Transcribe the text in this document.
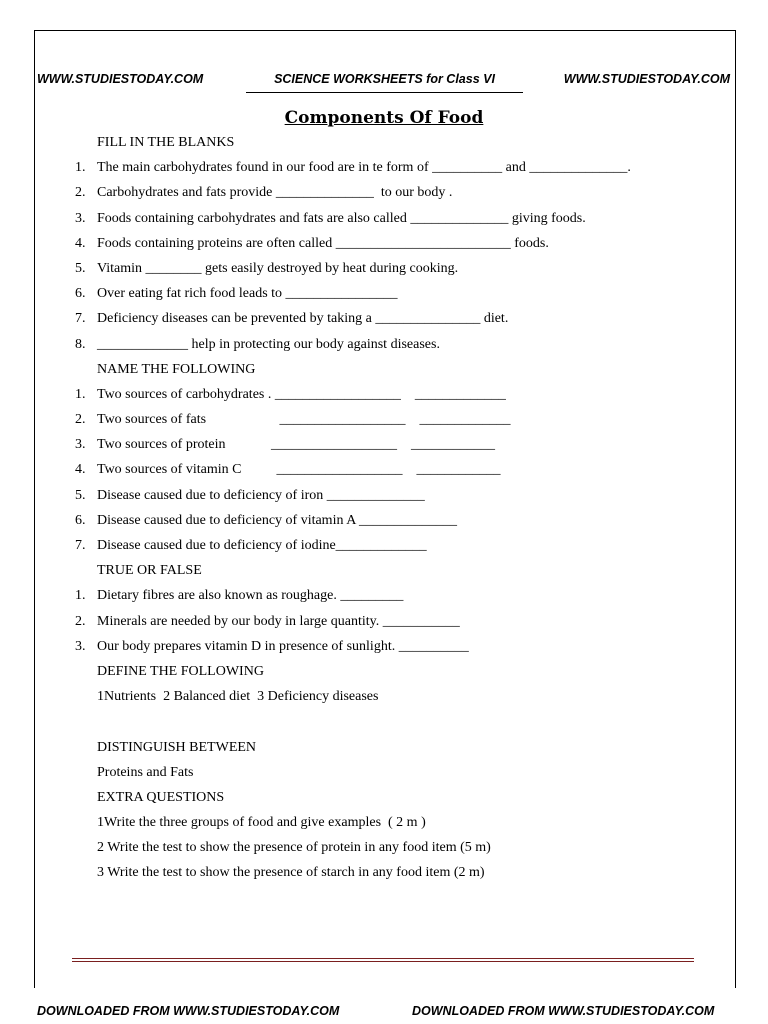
WWW.STUDIESTODAY.COM	SCIENCE WORKSHEETS for Class VI	WWW.STUDIESTODAY.COM
Components Of Food
FILL IN THE BLANKS
1. The main carbohydrates found in our food are in te form of __________ and ______________.
2. Carbohydrates and fats provide ______________  to our body .
3. Foods containing carbohydrates and fats are also called ______________ giving foods.
4. Foods containing proteins are often called _________________________ foods.
5. Vitamin ________ gets easily destroyed by heat during cooking.
6. Over eating fat rich food leads to ________________
7. Deficiency diseases can be prevented by taking a _______________ diet.
8. _____________ help in protecting our body against diseases.
NAME THE FOLLOWING
1. Two sources of carbohydrates . __________________    _____________
2. Two sources of fats                     __________________    _____________
3. Two sources of protein             __________________    ____________
4. Two sources of vitamin C          __________________    ____________
5. Disease caused due to deficiency of iron ______________
6. Disease caused due to deficiency of vitamin A ______________
7. Disease caused due to deficiency of iodine_____________
TRUE OR FALSE
1. Dietary fibres are also known as roughage. _________
2. Minerals are needed by our body in large quantity. ___________
3. Our body prepares vitamin D in presence of sunlight. __________
DEFINE THE FOLLOWING
1Nutrients  2 Balanced diet  3 Deficiency diseases
DISTINGUISH BETWEEN
Proteins and Fats
EXTRA QUESTIONS
1Write the three groups of food and give examples  ( 2 m )
2 Write the test to show the presence of protein in any food item (5 m)
3 Write the test to show the presence of starch in any food item (2 m)
DOWNLOADED FROM WWW.STUDIESTODAY.COM	DOWNLOADED FROM WWW.STUDIESTODAY.COM
